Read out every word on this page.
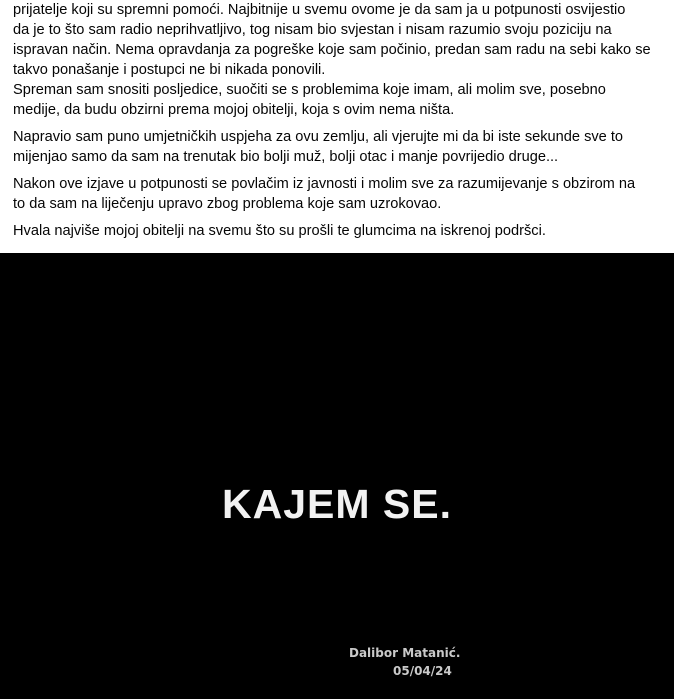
prijatelje koji su spremni pomoći. Najbitnije u svemu ovome je da sam ja u potpunosti osvijestio
da je to što sam radio neprihvatljivo, tog nisam bio svjestan i nisam razumio svoju poziciju na
ispravan način. Nema opravdanja za pogreške koje sam počinio, predan sam radu na sebi kako se
takvo ponašanje i postupci ne bi nikada ponovili.
Spreman sam snositi posljedice, suočiti se s problemima koje imam, ali molim sve, posebno
medije, da budu obzirni prema mojoj obitelji, koja s ovim nema ništa.

Napravio sam puno umjetničkih uspjeha za ovu zemlju, ali vjerujte mi da bi iste sekunde sve to
mijenjao samo da sam na trenutak bio bolji muž, bolji otac i manje povrijedio druge...

Nakon ove izjave u potpunosti se povlačim iz javnosti i molim sve za razumijevanje s obzirom na
to da sam na liječenju upravo zbog problema koje sam uzrokovao.

Hvala najviše mojoj obitelji na svemu što su prošli te glumcima na iskrenoj podršci.

KAJEM SE.
Dalibor Matanić.
05/04/24
